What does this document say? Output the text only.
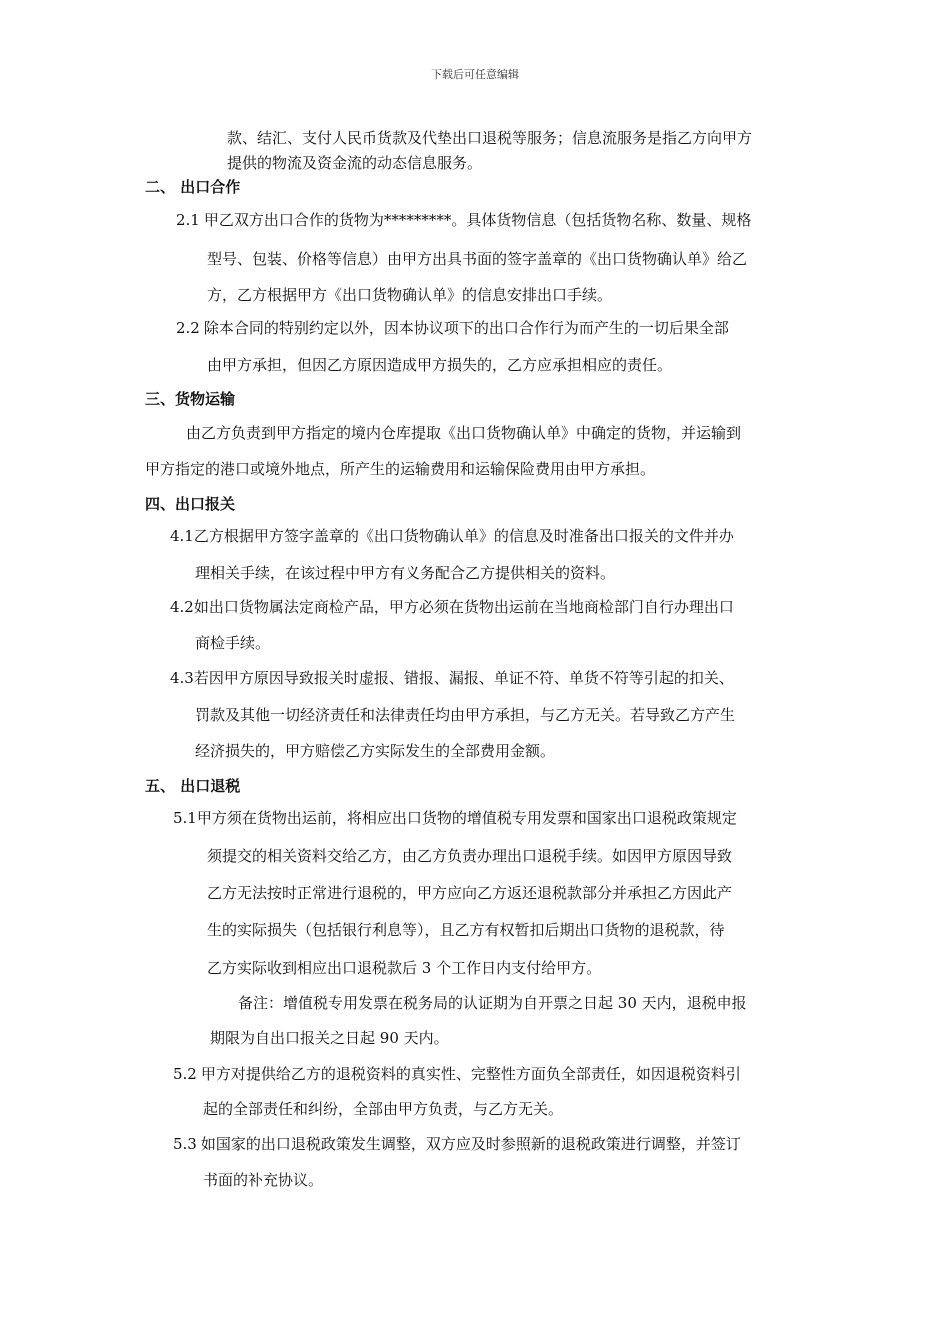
下载后可任意编辑
款、结汇、支付人民币货款及代垫出口退税等服务；信息流服务是指乙方向甲方
提供的物流及资金流的动态信息服务。
二、 出口合作
2.1 甲乙双方出口合作的货物为*********。具体货物信息（包括货物名称、数量、规格
型号、包装、价格等信息）由甲方出具书面的签字盖章的《出口货物确认单》给乙
方，乙方根据甲方《出口货物确认单》的信息安排出口手续。
2.2 除本合同的特别约定以外，因本协议项下的出口合作行为而产生的一切后果全部
由甲方承担，但因乙方原因造成甲方损失的，乙方应承担相应的责任。
三、货物运输
由乙方负责到甲方指定的境内仓库提取《出口货物确认单》中确定的货物，并运输到
甲方指定的港口或境外地点，所产生的运输费用和运输保险费用由甲方承担。
四、出口报关
4.1乙方根据甲方签字盖章的《出口货物确认单》的信息及时准备出口报关的文件并办
理相关手续，在该过程中甲方有义务配合乙方提供相关的资料。
4.2如出口货物属法定商检产品，甲方必须在货物出运前在当地商检部门自行办理出口
商检手续。
4.3若因甲方原因导致报关时虚报、错报、漏报、单证不符、单货不符等引起的扣关、
罚款及其他一切经济责任和法律责任均由甲方承担，与乙方无关。若导致乙方产生
经济损失的，甲方赔偿乙方实际发生的全部费用金额。
五、 出口退税
5.1甲方须在货物出运前，将相应出口货物的增值税专用发票和国家出口退税政策规定
须提交的相关资料交给乙方，由乙方负责办理出口退税手续。如因甲方原因导致
乙方无法按时正常进行退税的，甲方应向乙方返还退税款部分并承担乙方因此产
生的实际损失（包括银行利息等），且乙方有权暂扣后期出口货物的退税款，待
乙方实际收到相应出口退税款后 3 个工作日内支付给甲方。
备注：增值税专用发票在税务局的认证期为自开票之日起 30 天内，退税申报
期限为自出口报关之日起 90 天内。
5.2 甲方对提供给乙方的退税资料的真实性、完整性方面负全部责任，如因退税资料引
起的全部责任和纠纷，全部由甲方负责，与乙方无关。
5.3 如国家的出口退税政策发生调整，双方应及时参照新的退税政策进行调整，并签订
书面的补充协议。
